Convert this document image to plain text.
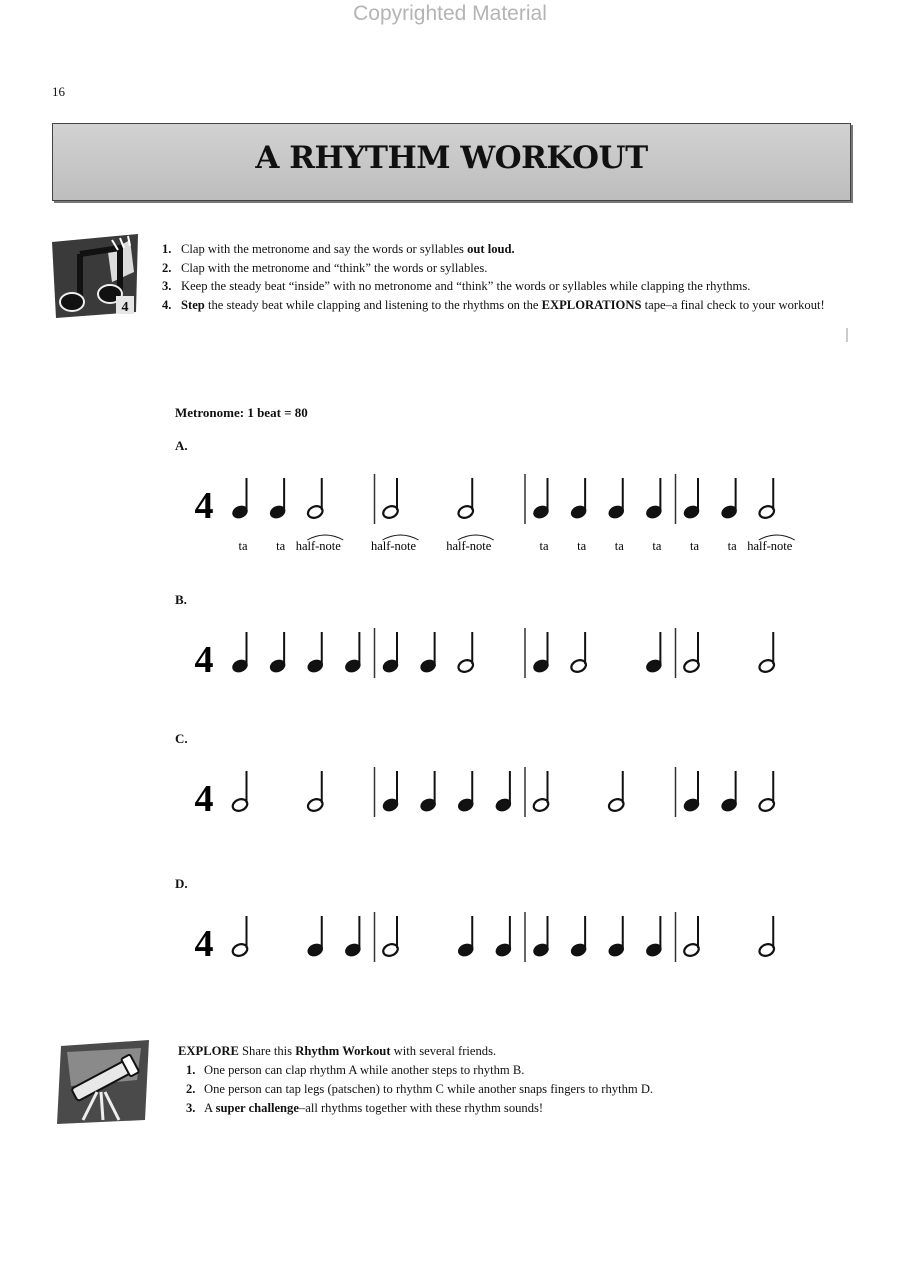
Copyrighted Material
16
A RHYTHM WORKOUT
4
1. Clap with the metronome and say the words or syllables out loud.
2. Clap with the metronome and “think” the words or syllables.
3. Keep the steady beat “inside” with no metronome and “think” the words or syllables while clapping the rhythms.
4. Step the steady beat while clapping and listening to the rhythms on the EXPLORATIONS tape–a final check to your workout!
Metronome: 1 beat = 80
A.
4
ta ta half-note half-note half-note	ta ta ta ta ta ta half-note
B.
4
C.
4
D.
4
EXPLORE Share this Rhythm Workout with several friends.
1. One person can clap rhythm A while another steps to rhythm B.
2. One person can tap legs (patschen) to rhythm C while another snaps fingers to rhythm D.
3. A super challenge–all rhythms together with these rhythm sounds!
